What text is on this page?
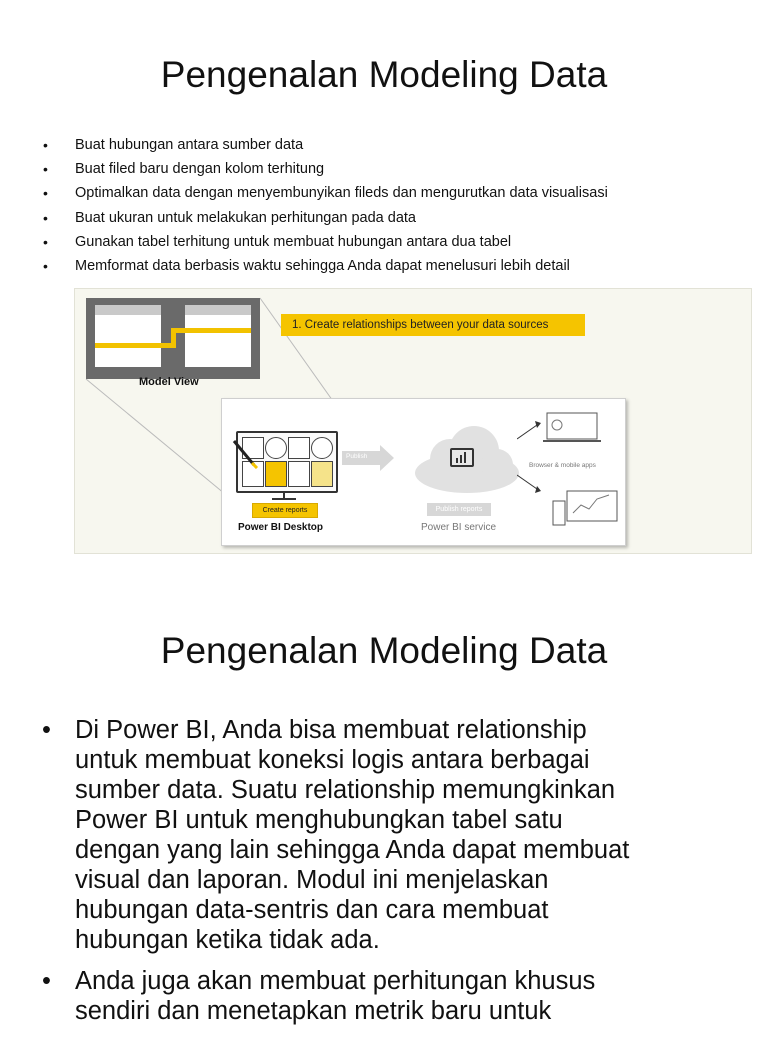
Pengenalan Modeling Data
• Buat hubungan antara sumber data
• Buat filed baru dengan kolom terhitung
• Optimalkan data dengan menyembunyikan fileds dan mengurutkan data visualisasi
• Buat ukuran untuk melakukan perhitungan pada data
• Gunakan tabel terhitung untuk membuat hubungan antara dua tabel
• Memformat data berbasis waktu sehingga Anda dapat menelusuri lebih detail
Model View
1. Create relationships between your data sources
Create reports
Power BI Desktop
Publish
Publish reports
Power BI service
Browser & mobile apps
Pengenalan Modeling Data
• Di Power BI, Anda bisa membuat relationship
untuk membuat koneksi logis antara berbagai
sumber data. Suatu relationship memungkinkan
Power BI untuk menghubungkan tabel satu
dengan yang lain sehingga Anda dapat membuat
visual dan laporan. Modul ini menjelaskan
hubungan data-sentris dan cara membuat
hubungan ketika tidak ada.
• Anda juga akan membuat perhitungan khusus
sendiri dan menetapkan metrik baru untuk
